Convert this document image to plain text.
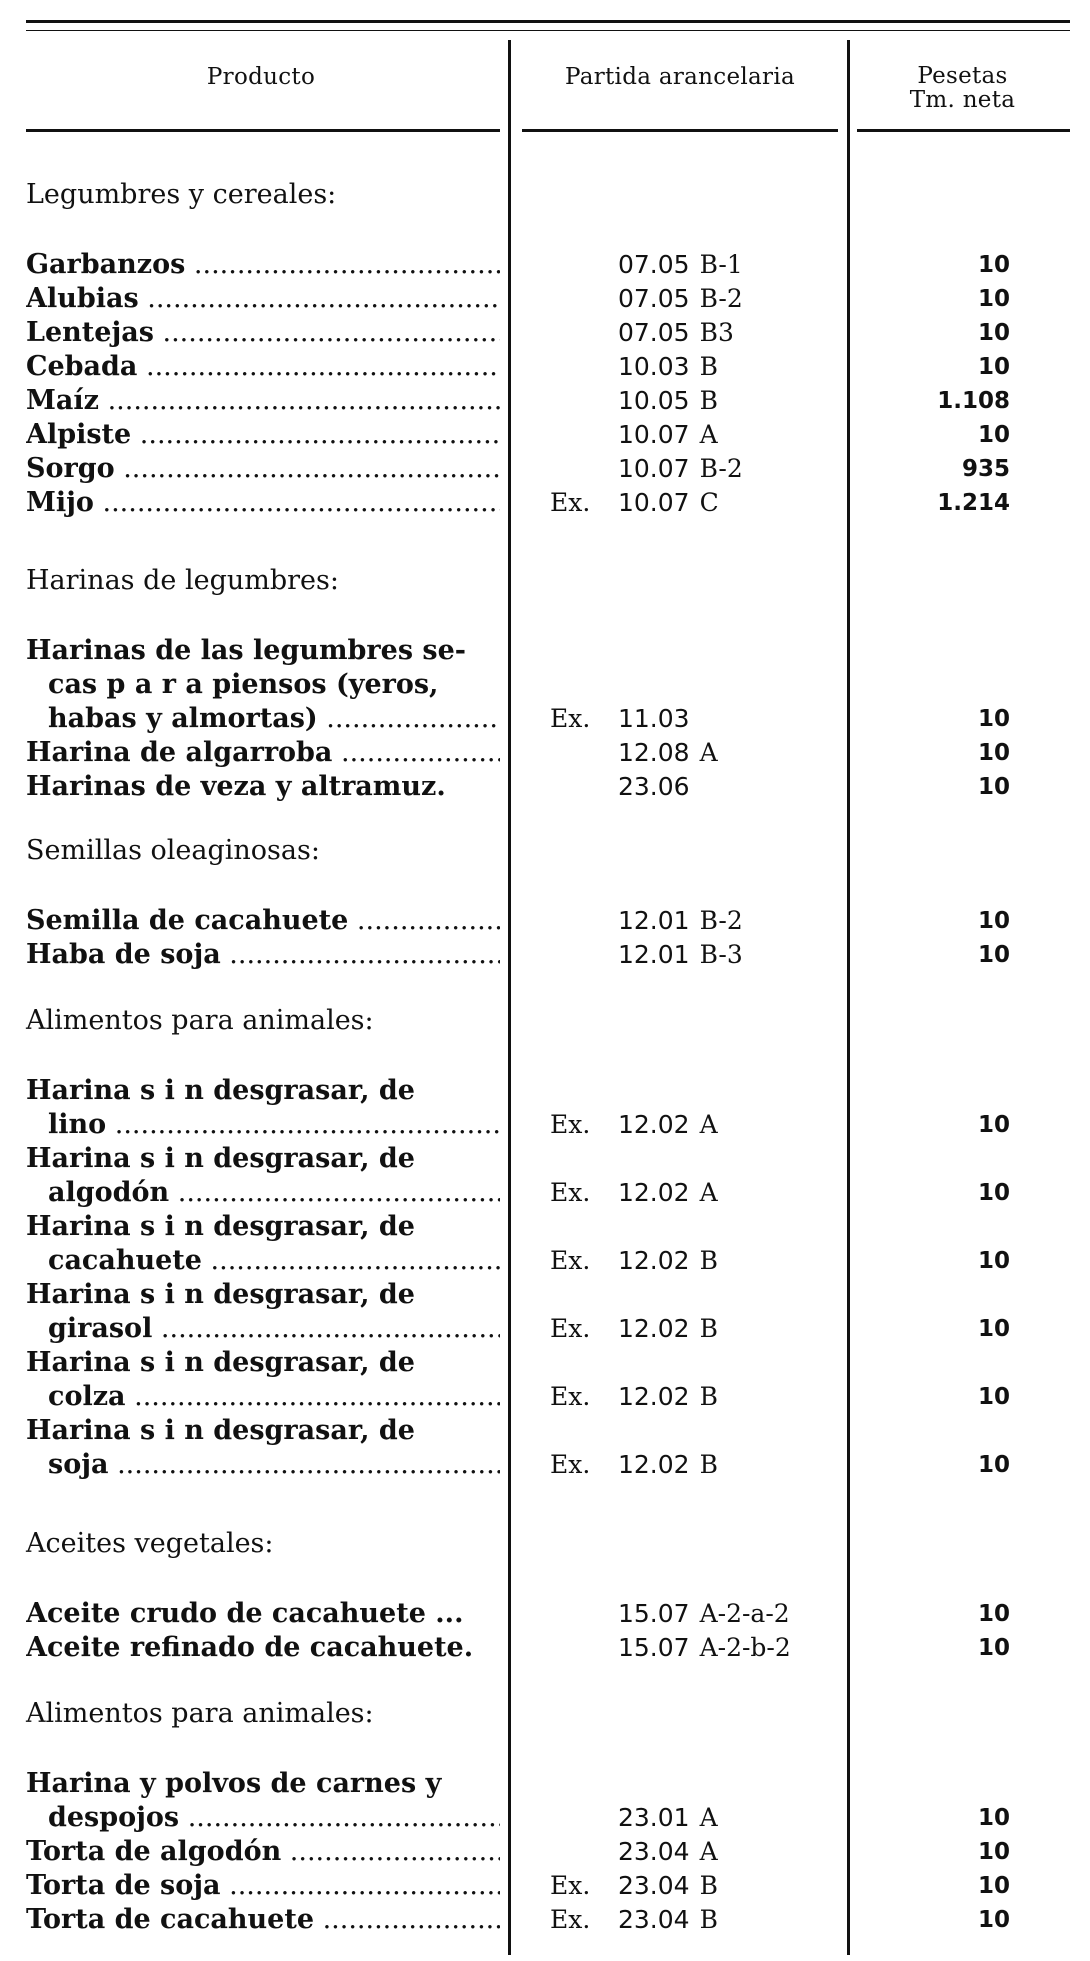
Producto	Partida arancelaria	Pesetas
Tm. neta
Legumbres y cereales:
Garbanzos .....	07.05 B-1	10
Alubias .....	07.05 B-2	10
Lentejas .....	07.05 B3	10
Cebada .....	10.03 B	10
Maíz .....	10.05 B	1.108
Alpiste .....	10.07 A	10
Sorgo .....	10.07 B-2	935
Mijo .....	Ex. 10.07 C	1.214
Harinas de legumbres:
Harinas de las legumbres se-
cas p a r a piensos (yeros,
habas y almortas) .....	Ex. 11.03	10
Harina de algarroba .....	12.08 A	10
Harinas de veza y altramuz.	23.06	10
Semillas oleaginosas:
Semilla de cacahuete .....	12.01 B-2	10
Haba de soja .....	12.01 B-3	10
Alimentos para animales:
Harina s i n desgrasar, de
lino .....	Ex. 12.02 A	10
Harina s i n desgrasar, de
algodón .....	Ex. 12.02 A	10
Harina s i n desgrasar, de
cacahuete .....	Ex. 12.02 B	10
Harina s i n desgrasar, de
girasol .....	Ex. 12.02 B	10
Harina s i n desgrasar, de
colza .....	Ex. 12.02 B	10
Harina s i n desgrasar, de
soja .....	Ex. 12.02 B	10
Aceites vegetales:
Aceite crudo de cacahuete ...	15.07 A-2-a-2	10
Aceite refinado de cacahuete.	15.07 A-2-b-2	10
Alimentos para animales:
Harina y polvos de carnes y
despojos .....	23.01 A	10
Torta de algodón .....	23.04 A	10
Torta de soja .....	Ex. 23.04 B	10
Torta de cacahuete .....	Ex. 23.04 B	10
